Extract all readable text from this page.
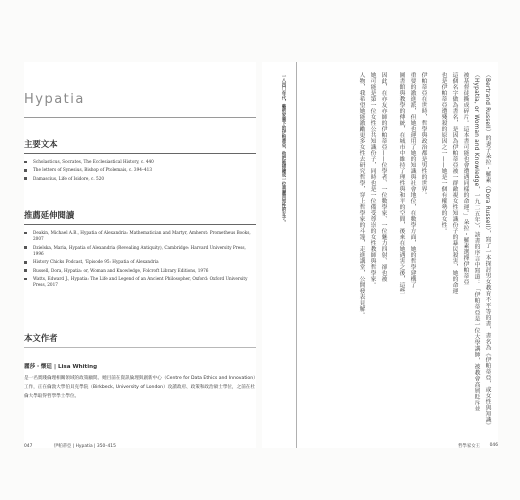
Hypatia
主要文本
Scholasticus, Socrates, The Ecclesiastical History, c. 440
The letters of Synesius, Bishop of Ptolemais, c. 394–413
Damascius, Life of Isidore, c. 520
推薦延伸閱讀
Deakin, Michael A.B., Hypatia of Alexandria: Mathematician and Martyr, Amherst: Prometheus Books, 2007
Dzielska, Maria, Hypatia of Alexandria (Revealing Antiquity), Cambridge: Harvard University Press, 1996
History Chicks Podcast, 'Episode 95: Hypatia of Alexandria
Russell, Dora, Hypatia: or, Woman and Knowledge, Folcroft Library Editions, 1976
Watts, Edward J., Hypatia: The Life and Legend of an Ancient Philosopher, Oxford: Oxford University Press, 2017
本文作者
麗莎・懷廷 | Lisa Whiting
是一名實踐倫理相關領域的政策顧問。她目前在資訊倫理與創新中心（Centre for Data Ethics and Innovation）工作，正在倫敦大學伯貝克學院（Birkbeck, University of London）攻讀政府、政策和政治碩士學位，之前在杜倫大學取得哲學學士學位。
047	伊帕蒂亞 | Hypatia | 350–415
（Bertrand Russell）的妻子朵拉・羅素（Dora Russell），寫了一本探討男女教育不平等的書，書名為《伊帕蒂亞，或女性與知識》
（Hypatia, or Woman and Knowledge，一九二五年），該書的序言中寫道：「伊帕蒂亞是一位大學講師，被教會高層貶斥並
被基督徒撕成碎片。這本書可能也會遭遇同樣的命運。」朵拉・羅素選擇伊帕蒂亞
這個名字做為書名，是因為伊帕蒂亞被一群敵視女性知識份子的暴民殺害，她的命運
也是伊帕蒂亞遭殘殺的原因之一——她是一個有權勢的女性。
伊帕蒂亞在世時，哲學與政治都是男性的世界。
重要的激進派，但她也運用了她的知識與社會地位，在數學方面，她的哲學建構了
圖書館與教學的傳統，在城市中維持了理性與和平的空間，後來在她遇害之後，這些
因此，在亦友亦師的伊帕蒂亞——位學者、一位數學家、一位魅力四射、卻也被
她可能是第一位女性公共知識份子，同時也是一位備受尊崇的女性教師與哲學家。
人物，我希望她能激勵更多女性去研究哲學，穿上哲學家的斗篷，走進講堂，公開發表見解。
一八四〇年代，藝術家筆下的伊帕蒂亞，他把她描繪成一位美麗而知性的女子。
哲學家女王 046
